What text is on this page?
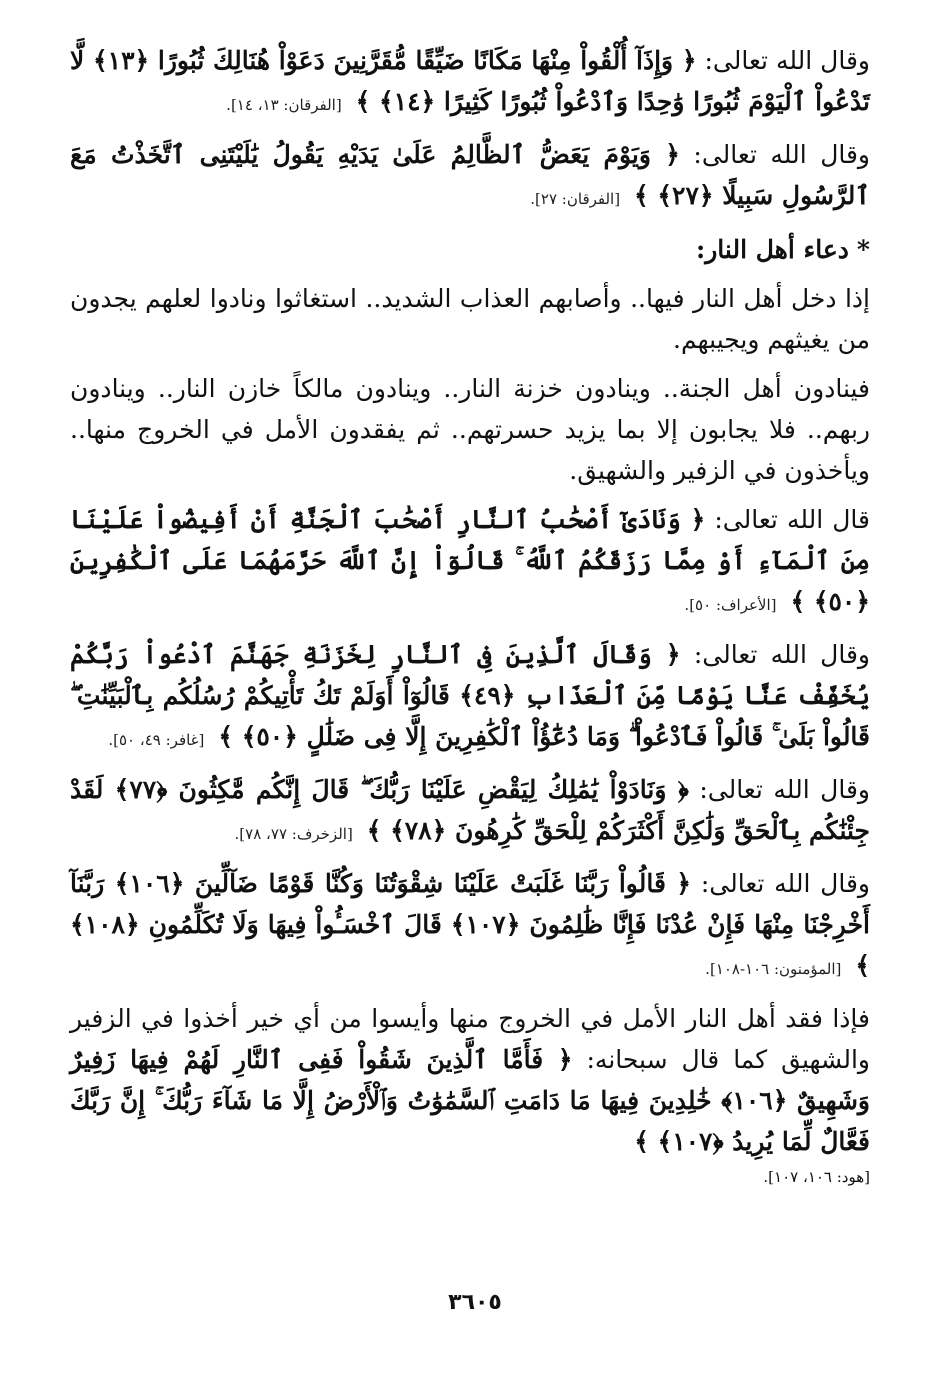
وقال الله تعالى: ﴿ وَإِذَآ أُلْقُواْ مِنْهَا مَكَانًا ضَيِّقًا مُّقَرَّنِينَ دَعَوْاْ هُنَالِكَ ثُبُورًا ﴿١٣﴾ لَّا تَدْعُواْ ٱلْيَوْمَ ثُبُورًا وَٰحِدًا وَٱدْعُواْ ثُبُورًا كَثِيرًا ﴿١٤﴾ ﴾ [الفرقان: ١٣، ١٤].

وقال الله تعالى: ﴿ وَيَوْمَ يَعَضُّ ٱلظَّالِمُ عَلَىٰ يَدَيْهِ يَقُولُ يَٰلَيْتَنِى ٱتَّخَذْتُ مَعَ ٱلرَّسُولِ سَبِيلًا ﴿٢٧﴾ ﴾ [الفرقان: ٢٧].

*دعاء أهل النار:

إذا دخل أهل النار فيها.. وأصابهم العذاب الشديد.. استغاثوا ونادوا لعلهم يجدون من يغيثهم ويجيبهم.

فينادون أهل الجنة.. وينادون خزنة النار.. وينادون مالكاً خازن النار.. وينادون ربهم.. فلا يجابون إلا بما يزيد حسرتهم.. ثم يفقدون الأمل في الخروج منها.. ويأخذون في الزفير والشهيق.

قال الله تعالى: ﴿ وَنَادَىٰٓ أَصْحَٰبُ ٱلنَّارِ أَصْحَٰبَ ٱلْجَنَّةِ أَنْ أَفِيضُواْ عَلَيْنَا مِنَ ٱلْمَآءِ أَوْ مِمَّا رَزَقَكُمُ ٱللَّهُ ۚ قَالُوٓاْ إِنَّ ٱللَّهَ حَرَّمَهُمَا عَلَى ٱلْكَٰفِرِينَ ﴿٥٠﴾ ﴾ [الأعراف: ٥٠].

وقال الله تعالى: ﴿ وَقَالَ ٱلَّذِينَ فِى ٱلنَّارِ لِخَزَنَةِ جَهَنَّمَ ٱدْعُواْ رَبَّكُمْ يُخَفِّفْ عَنَّا يَوْمًا مِّنَ ٱلْعَذَابِ ﴿٤٩﴾ قَالُوٓاْ أَوَلَمْ تَكُ تَأْتِيكُمْ رُسُلُكُم بِٱلْبَيِّنَٰتِ ۖ قَالُواْ بَلَىٰ ۚ قَالُواْ فَٱدْعُواْ ۗ وَمَا دُعَٰٓؤُاْ ٱلْكَٰفِرِينَ إِلَّا فِى ضَلَٰلٍ ﴿٥٠﴾ ﴾ [غافر: ٤٩، ٥٠].

وقال الله تعالى: ﴿ وَنَادَوْاْ يَٰمَٰلِكُ لِيَقْضِ عَلَيْنَا رَبُّكَ ۖ قَالَ إِنَّكُم مَّٰكِثُونَ ﴿٧٧﴾ لَقَدْ جِئْنَٰكُم بِٱلْحَقِّ وَلَٰكِنَّ أَكْثَرَكُمْ لِلْحَقِّ كَٰرِهُونَ ﴿٧٨﴾ ﴾ [الزخرف: ٧٧، ٧٨].

وقال الله تعالى: ﴿ قَالُواْ رَبَّنَا غَلَبَتْ عَلَيْنَا شِقْوَتُنَا وَكُنَّا قَوْمًا ضَآلِّينَ ﴿١٠٦﴾ رَبَّنَآ أَخْرِجْنَا مِنْهَا فَإِنْ عُدْنَا فَإِنَّا ظَٰلِمُونَ ﴿١٠٧﴾ قَالَ ٱخْسَـُٔواْ فِيهَا وَلَا تُكَلِّمُونِ ﴿١٠٨﴾ ﴾ [المؤمنون: ١٠٦-١٠٨].

فإذا فقد أهل النار الأمل في الخروج منها وأيسوا من أي خير أخذوا في الزفير والشهيق كما قال سبحانه: ﴿ فَأَمَّا ٱلَّذِينَ شَقُواْ فَفِى ٱلنَّارِ لَهُمْ فِيهَا زَفِيرٌ وَشَهِيقٌ ﴿١٠٦﴾ خَٰلِدِينَ فِيهَا مَا دَامَتِ ٱلسَّمَٰوَٰتُ وَٱلْأَرْضُ إِلَّا مَا شَآءَ رَبُّكَ ۚ إِنَّ رَبَّكَ فَعَّالٌ لِّمَا يُرِيدُ ﴿١٠٧﴾ ﴾

[هود: ١٠٦، ١٠٧].

٣٦٠٥
